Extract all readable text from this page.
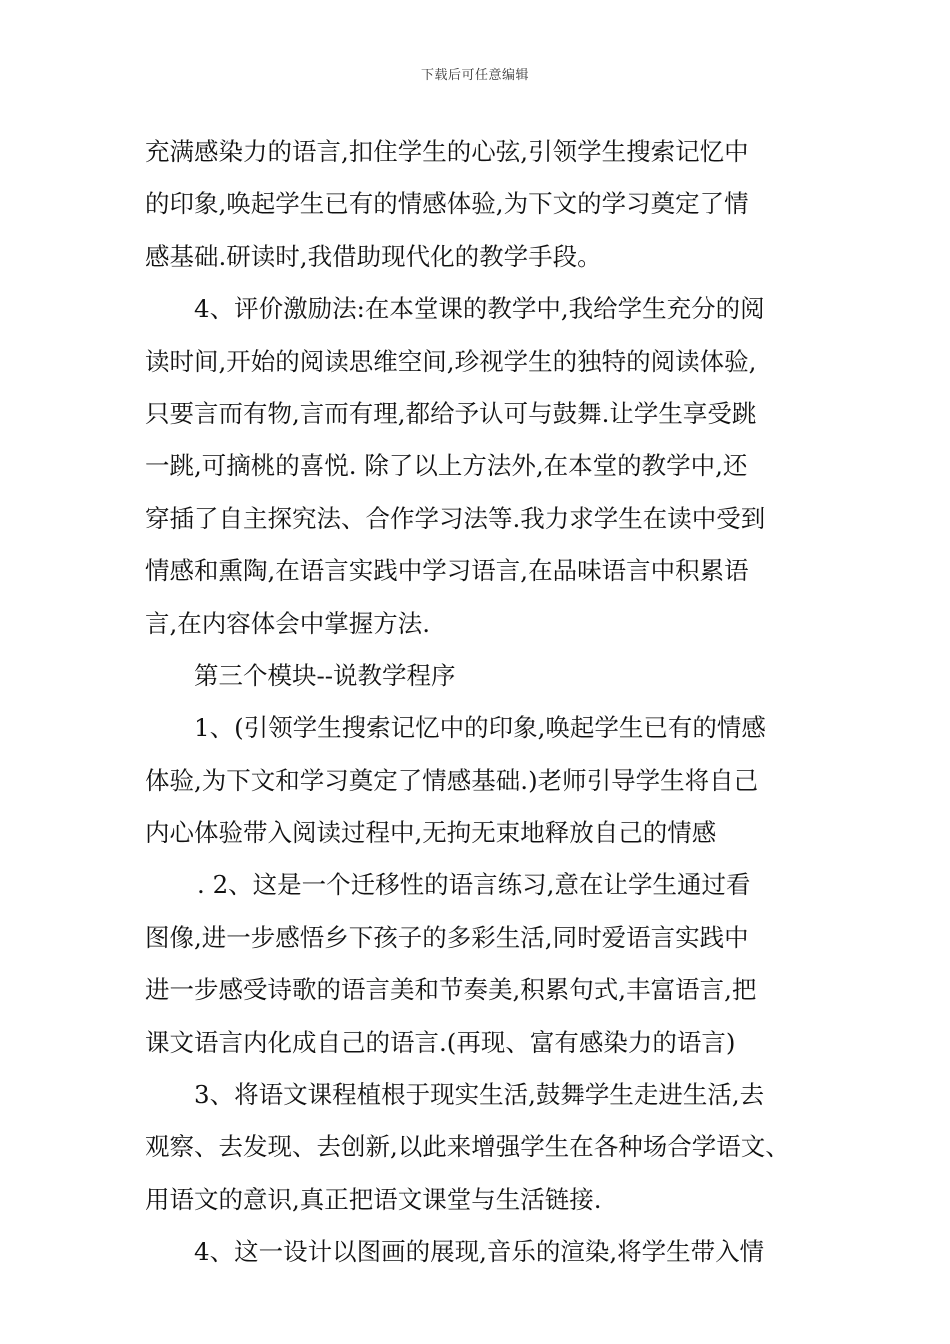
下载后可任意编辑
充满感染力的语言,扣住学生的心弦,引领学生搜索记忆中
的印象,唤起学生已有的情感体验,为下文的学习奠定了情
感基础.研读时,我借助现代化的教学手段。
4、评价激励法:在本堂课的教学中,我给学生充分的阅
读时间,开始的阅读思维空间,珍视学生的独特的阅读体验,
只要言而有物,言而有理,都给予认可与鼓舞.让学生享受跳
一跳,可摘桃的喜悦. 除了以上方法外,在本堂的教学中,还
穿插了自主探究法、合作学习法等.我力求学生在读中受到
情感和熏陶,在语言实践中学习语言,在品味语言中积累语
言,在内容体会中掌握方法.
第三个模块--说教学程序
1、(引领学生搜索记忆中的印象,唤起学生已有的情感
体验,为下文和学习奠定了情感基础.)老师引导学生将自己
内心体验带入阅读过程中,无拘无束地释放自己的情感
. 2、这是一个迁移性的语言练习,意在让学生通过看
图像,进一步感悟乡下孩子的多彩生活,同时爱语言实践中
进一步感受诗歌的语言美和节奏美,积累句式,丰富语言,把
课文语言内化成自己的语言.(再现、富有感染力的语言)
3、将语文课程植根于现实生活,鼓舞学生走进生活,去
观察、去发现、去创新,以此来增强学生在各种场合学语文、
用语文的意识,真正把语文课堂与生活链接.
4、这一设计以图画的展现,音乐的渲染,将学生带入情
